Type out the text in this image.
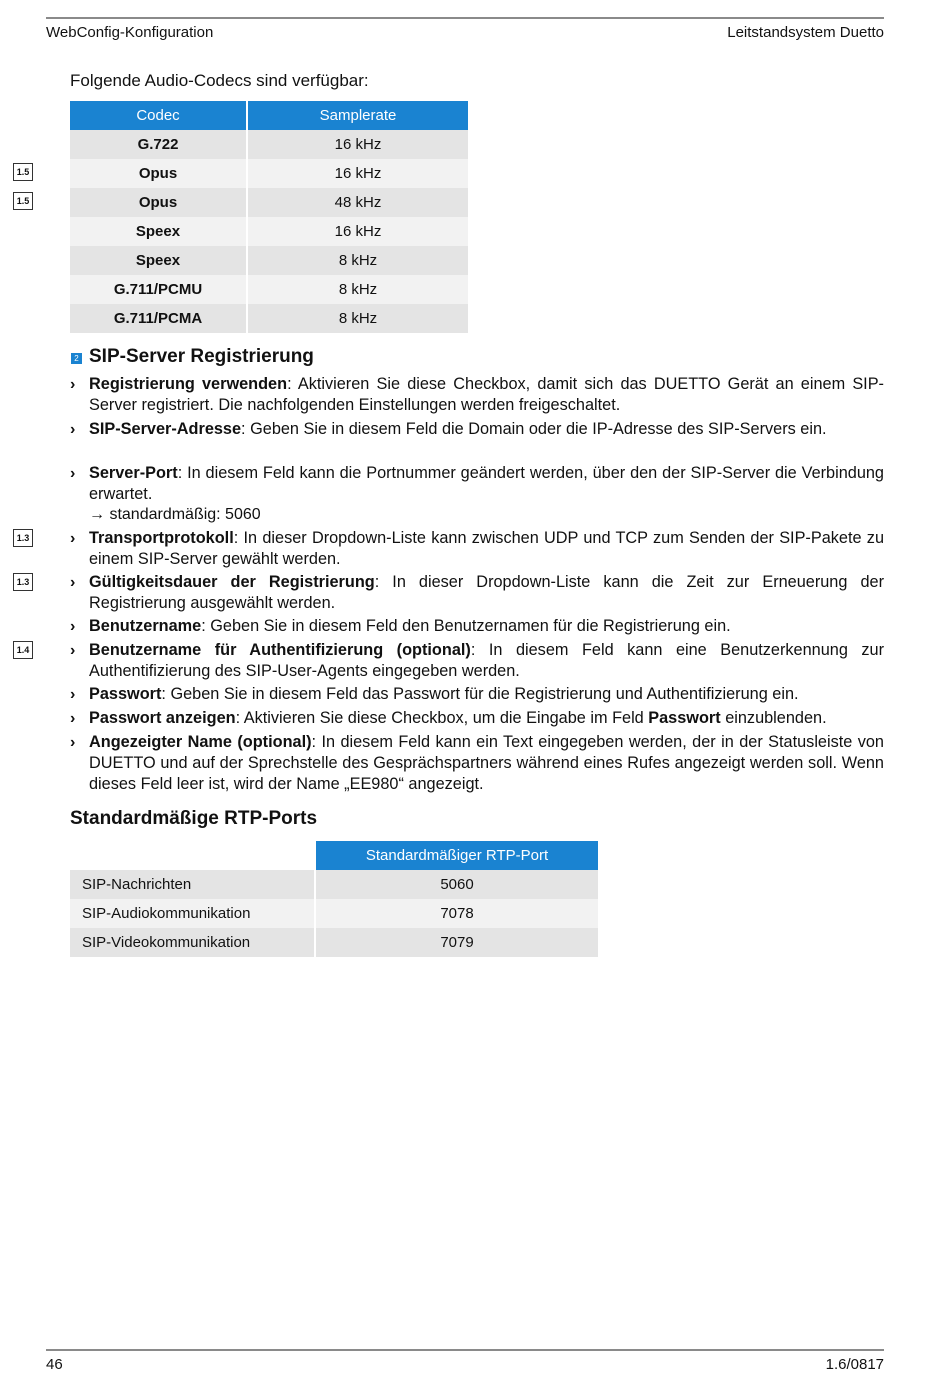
WebConfig-Konfiguration	Leitstandsystem Duetto
Folgende Audio-Codecs sind verfügbar:
Codec	Samplerate
G.722	16 kHz
Opus	16 kHz
Opus	48 kHz
Speex	16 kHz
Speex	8 kHz
G.711/PCMU	8 kHz
G.711/PCMA	8 kHz
1.5
1.5
1.3
1.3
1.4
2 SIP-Server Registrierung
› Registrierung verwenden: Aktivieren Sie diese Checkbox, damit sich das DUETTO Gerät an einem SIP-Server registriert. Die nachfolgenden Einstellungen werden freigeschaltet.
› SIP-Server-Adresse: Geben Sie in diesem Feld die Domain oder die IP-Adresse des SIP-Servers ein.
› Server-Port: In diesem Feld kann die Portnummer geändert werden, über den der SIP-Server die Verbindung erwartet.
→ standardmäßig: 5060
› Transportprotokoll: In dieser Dropdown-Liste kann zwischen UDP und TCP zum Senden der SIP-Pakete zu einem SIP-Server gewählt werden.
› Gültigkeitsdauer der Registrierung: In dieser Dropdown-Liste kann die Zeit zur Erneuerung der Registrierung ausgewählt werden.
› Benutzername: Geben Sie in diesem Feld den Benutzernamen für die Registrierung ein.
› Benutzername für Authentifizierung (optional): In diesem Feld kann eine Benutzerkennung zur Authentifizierung des SIP-User-Agents eingegeben werden.
› Passwort: Geben Sie in diesem Feld das Passwort für die Registrierung und Authentifizierung ein.
› Passwort anzeigen: Aktivieren Sie diese Checkbox, um die Eingabe im Feld Passwort einzublenden.
› Angezeigter Name (optional): In diesem Feld kann ein Text eingegeben werden, der in der Statusleiste von DUETTO und auf der Sprechstelle des Gesprächspartners während eines Rufes angezeigt werden soll. Wenn dieses Feld leer ist, wird der Name „EE980“ angezeigt.
Standardmäßige RTP-Ports
	Standardmäßiger RTP-Port
SIP-Nachrichten	5060
SIP-Audiokommunikation	7078
SIP-Videokommunikation	7079
46	1.6/0817
